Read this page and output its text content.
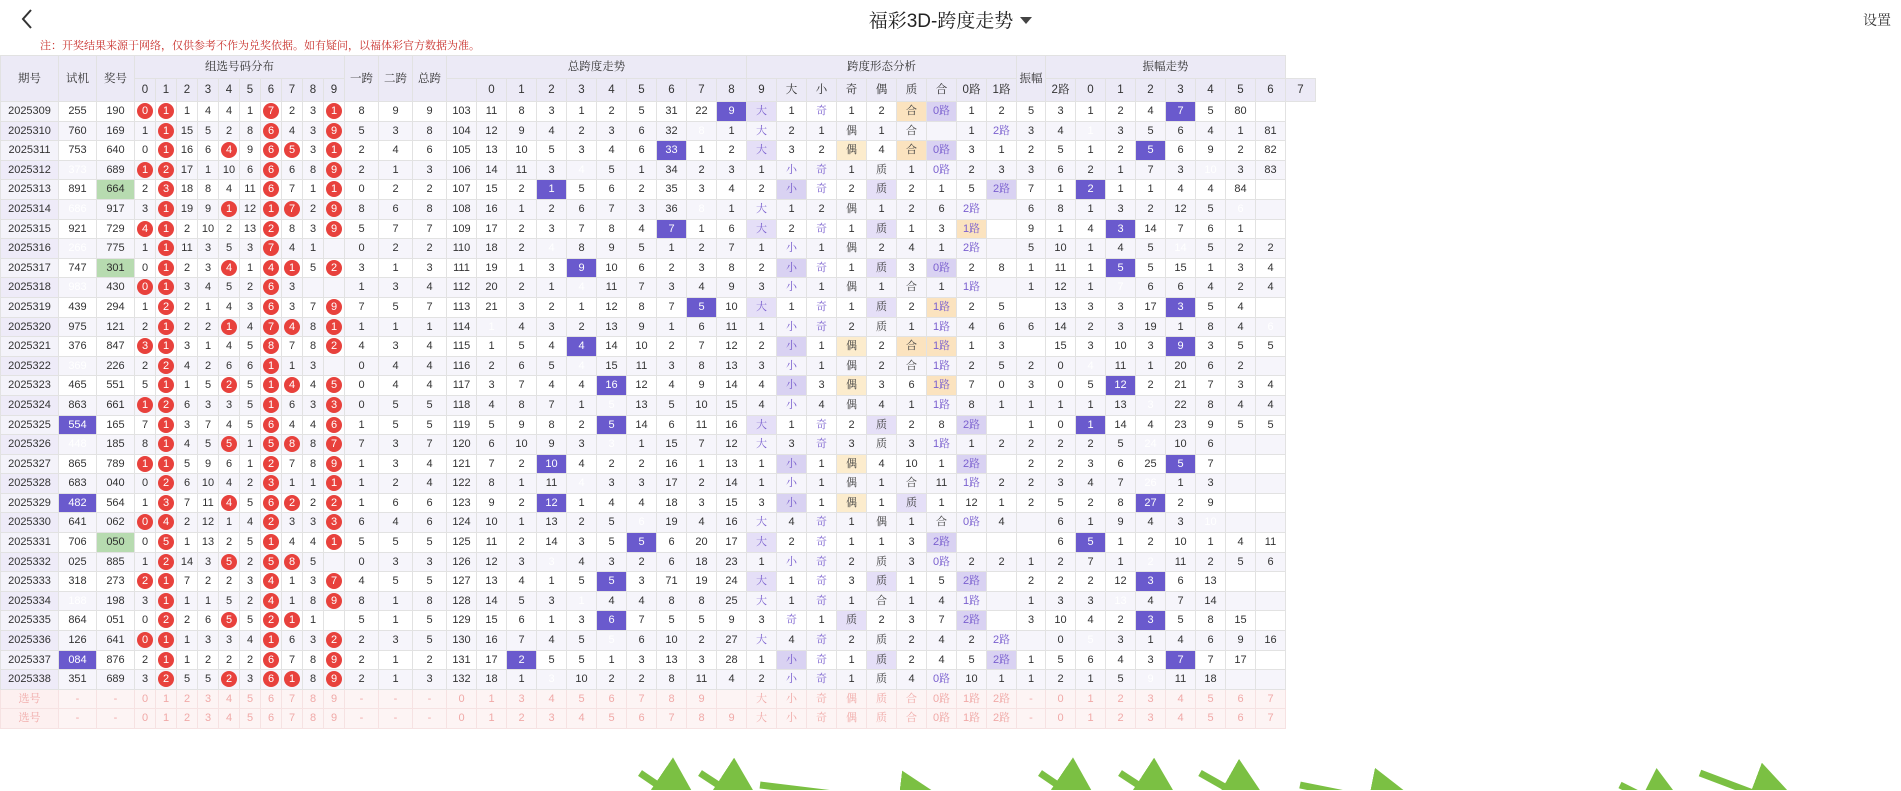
福彩3D-跨度走势	设置
注：开奖结果来源于网络，仅供参考不作为兑奖依据。如有疑问，以福体彩官方数据为准。
期号	试机	奖号	组选号码分布										一跨	二跨	总跨	总跨度走势										跨度形态分析									振幅	振幅走势								
			0	1	2	3	4	5	6	7	8	9					0	1	2	3	4	5	6	7	8	9	大	小	奇	偶	质	合	0路	1路		2路	0	1	2	3	4	5	6	7
2025309	255	190	0	1	1	4	4	1	7	2	3	1	8	9	9	103	11	8	3	1	2	5	31	22	9	大	1	奇	1	2	合	0路	1	2	5	3	1	2	4	7	5	80		
2025310	760	169	1	1	15	5	2	8	6	4	3	9	5	3	8	104	12	9	4	2	3	6	32	8	1	大	2	1	偶	1	合		1	2路	3	4	1	3	5	6	4	1	81	
2025311	753	640	0	1	16	6	4	9	6	5	3	1	2	4	6	105	13	10	5	3	4	6	33	1	2	大	3	2	偶	4	合	0路	3	1	2	5	1	2	5	6	9	2	82	
2025312	373	689	1	2	17	1	10	6	6	6	8	9	2	1	3	106	14	11	3	4	5	1	34	2	3	1	小	奇	1	质	1	0路	2	3	3	6	2	1	7	3	10	3	83	
2025313	891	664	2	3	18	8	4	11	6	7	1	1	0	2	2	107	15	2	1	5	6	2	35	3	4	2	小	奇	2	质	2	1	5	2路	7	1	2	1	1	4	4	84		
2025314	686	917	3	1	19	9	1	12	1	7	2	9	8	6	8	108	16	1	2	6	7	3	36	8	1	大	1	2	偶	1	2	6	2路		6	8	1	3	2	12	5	6		
2025315	921	729	4	1	2	10	2	13	2	8	3	9	5	7	7	109	17	2	3	7	8	4	7	1	6	大	2	奇	1	质	1	3	1路		9	1	4	3	14	7	6	1		
2025316	266	775	1	1	11	3	5	3	7	4	1		0	2	2	110	18	2	4	8	9	5	1	2	7	1	小	1	偶	2	4	1	2路		5	10	1	4	5	14	5	2	2	
2025317	747	301	0	1	2	3	4	1	4	1	5	2	3	1	3	111	19	1	3	9	10	6	2	3	8	2	小	奇	1	质	3	0路	2	8	1	11	1	5	5	15	1	3	4	
2025318	983	430	0	1	3	4	5	2	6	3			1	3	4	112	20	2	1	4	11	7	3	4	9	3	小	1	偶	1	合	1	1路		1	12	1	7	6	6	4	2	4	
2025319	439	294	1	2	2	1	4	3	6	3	7	9	7	5	7	113	21	3	2	1	12	8	7	5	10	大	1	奇	1	质	2	1路	2	5		13	3	3	17	3	5	4		
2025320	975	121	2	1	2	2	1	4	7	4	8	1	1	1	1	114	1	4	3	2	13	9	1	6	11	1	小	奇	2	质	1	1路	4	6	6	14	2	3	19	1	8	4	6	
2025321	376	847	3	1	3	1	4	5	8	7	8	2	4	3	4	115	1	5	4	4	14	10	2	7	12	2	小	1	偶	2	合	1路	1	3		15	3	10	3	9	3	5	5	
2025322	369	226	2	2	4	2	6	6	1	1	3		0	4	4	116	2	6	5	4	15	11	3	8	13	3	小	1	偶	2	合	1路	2	5	2	0	4	11	1	20	6	2		
2025323	465	551	5	1	1	5	2	5	1	4	4	5	0	4	4	117	3	7	4	4	16	12	4	9	14	4	小	3	偶	3	6	1路	7	0	3	0	5	12	2	21	7	3	4	
2025324	863	661	1	2	6	3	3	5	1	6	3	3	0	5	5	118	4	8	7	1	5	13	5	10	15	4	小	4	偶	4	1	1路	8	1	1	1	1	13	3	22	8	4	4	
2025325	554	165	7	1	3	7	4	5	6	4	4	6	1	5	5	119	5	9	8	2	5	14	6	11	16	大	1	奇	2	质	2	8	2路		1	0	1	14	4	23	9	5	5	
2025326	448	185	8	1	4	5	5	1	5	8	8	7	7	3	7	120	6	10	9	3	3	1	15	7	12	大	3	奇	3	质	3	1路	1	2	2	2	2	5	24	10	6			
2025327	865	789	1	1	5	9	6	1	2	7	8	9	1	3	4	121	7	2	10	4	2	2	16	1	13	1	小	1	偶	4	10	1	2路		2	2	3	6	25	5	7			
2025328	683	040	0	2	6	10	4	2	3	1	1	1	1	2	4	122	8	1	11	4	3	3	17	2	14	1	小	1	偶	1	合	11	1路	2	2	3	4	7	26	1	3			
2025329	482	564	1	3	7	11	4	5	6	2	2	2	1	6	6	123	9	2	12	1	4	4	18	3	15	3	小	1	偶	1	质	1	12	1	2	5	2	8	27	2	9			
2025330	641	062	0	4	2	12	1	4	2	3	3	3	6	4	6	124	10	1	13	2	5	6	19	4	16	大	4	奇	1	偶	1	合	0路	4		6	1	9	4	3	10			
2025331	706	050	0	5	1	13	2	5	1	4	4	1	5	5	5	125	11	2	14	3	5	5	6	20	17	大	2	奇	1	1	3	2路				6	5	1	2	10	1	4	11	
2025332	025	885	1	2	14	3	5	2	5	8	5		0	3	3	126	12	3	3	4	3	2	6	18	23	1	小	奇	2	质	3	0路	2	2	1	2	7	1	2	11	2	5	6	
2025333	318	273	2	1	7	2	2	3	4	1	3	7	4	5	5	127	13	4	1	5	5	3	71	19	24	大	1	奇	3	质	1	5	2路		2	2	2	12	3	6	13			
2025334	188	198	3	1	1	1	5	2	4	1	8	9	8	1	8	128	14	5	3	1	4	4	8	8	25	大	1	奇	1	合	1	4	1路		1	3	3	13	4	7	14			
2025335	864	051	0	2	2	6	5	5	2	1	1		5	1	5	129	15	6	1	3	6	7	5	5	9	3	奇	1	质	2	3	7	2路		3	10	4	2	3	5	8	15		
2025336	126	641	0	1	1	3	3	4	1	6	3	2	2	3	5	130	16	7	4	5	5	6	10	2	27	大	4	奇	2	质	2	4	2	2路		0	5	3	1	4	6	9	16	
2025337	084	876	2	1	1	2	2	2	6	7	8	9	2	1	2	131	17	2	5	5	1	3	13	3	28	1	小	奇	1	质	2	4	5	2路	1	5	6	4	3	7	7	17		
2025338	351	689	3	2	5	5	2	3	6	1	8	9	2	1	3	132	18	1	3	10	2	2	8	11	4	2	小	奇	1	质	4	0路	10	1	1	2	1	5	9	11	18			
选号	-	-	0	1	2	3	4	5	6	7	8	9	-	-	-	0	1	3	4	5	6	7	8	9		大	小	奇	偶	质	合	0路	1路	2路	-	0	1	2	3	4	5	6	7	
选号	-	-	0	1	2	3	4	5	6	7	8	9	-	-	-	0	1	2	3	4	5	6	7	8	9	大	小	奇	偶	质	合	0路	1路	2路	-	0	1	2	3	4	5	6	7	
